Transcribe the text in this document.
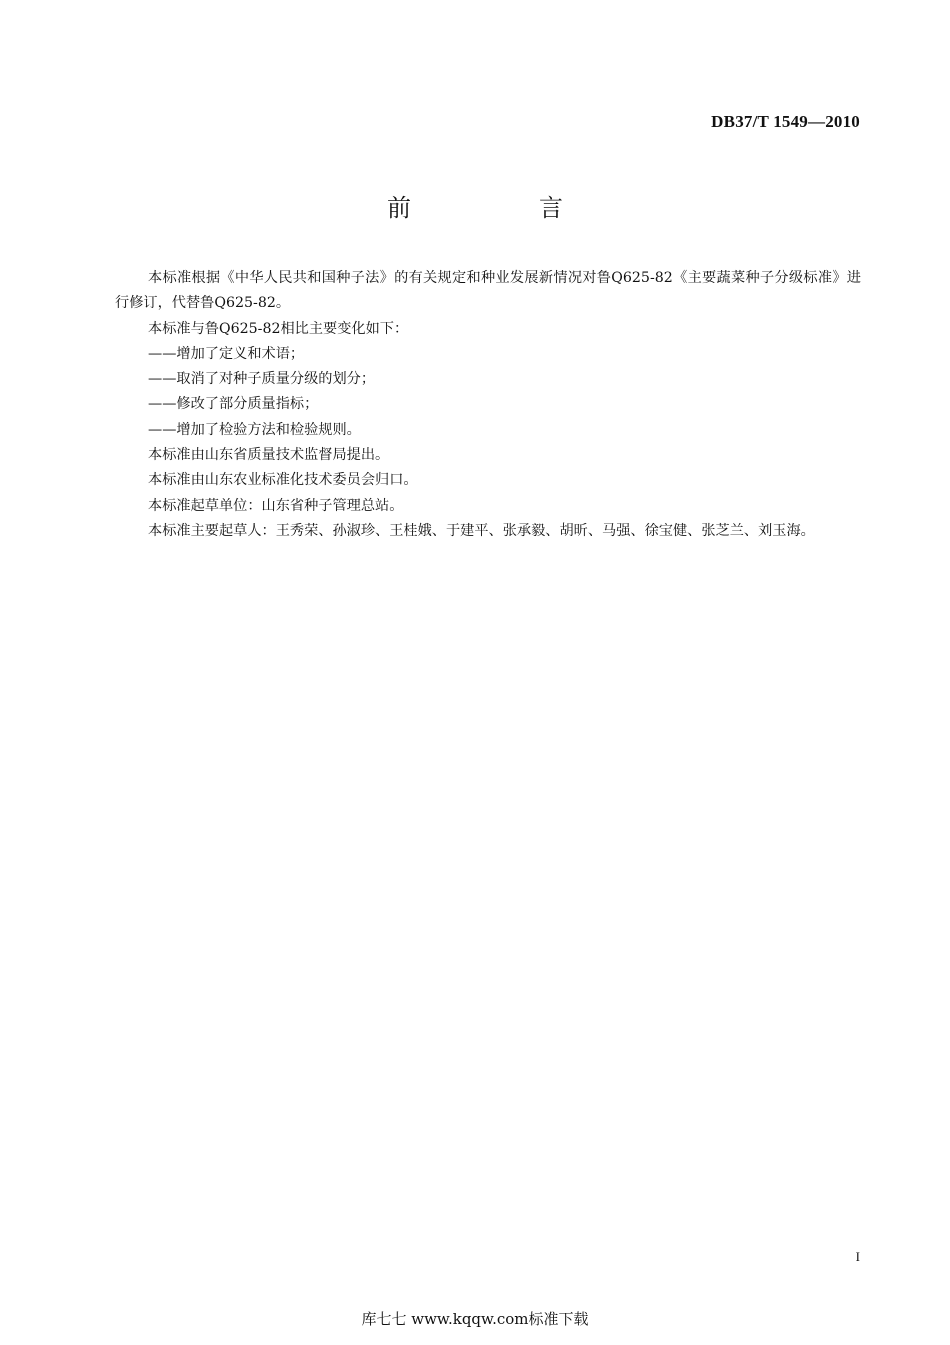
DB37/T 1549—2010
前　言

本标准根据《中华人民共和国种子法》的有关规定和种业发展新情况对鲁Q625-82《主要蔬菜种子分级标准》进行修订，代替鲁Q625-82。

本标准与鲁Q625-82相比主要变化如下：

——增加了定义和术语；

——取消了对种子质量分级的划分；

——修改了部分质量指标；

——增加了检验方法和检验规则。

本标准由山东省质量技术监督局提出。

本标准由山东农业标准化技术委员会归口。

本标准起草单位：山东省种子管理总站。

本标准主要起草人：王秀荣、孙淑珍、王桂娥、于建平、张承毅、胡昕、马强、徐宝健、张芝兰、刘玉海。

I
库七七 www.kqqw.com标准下载
